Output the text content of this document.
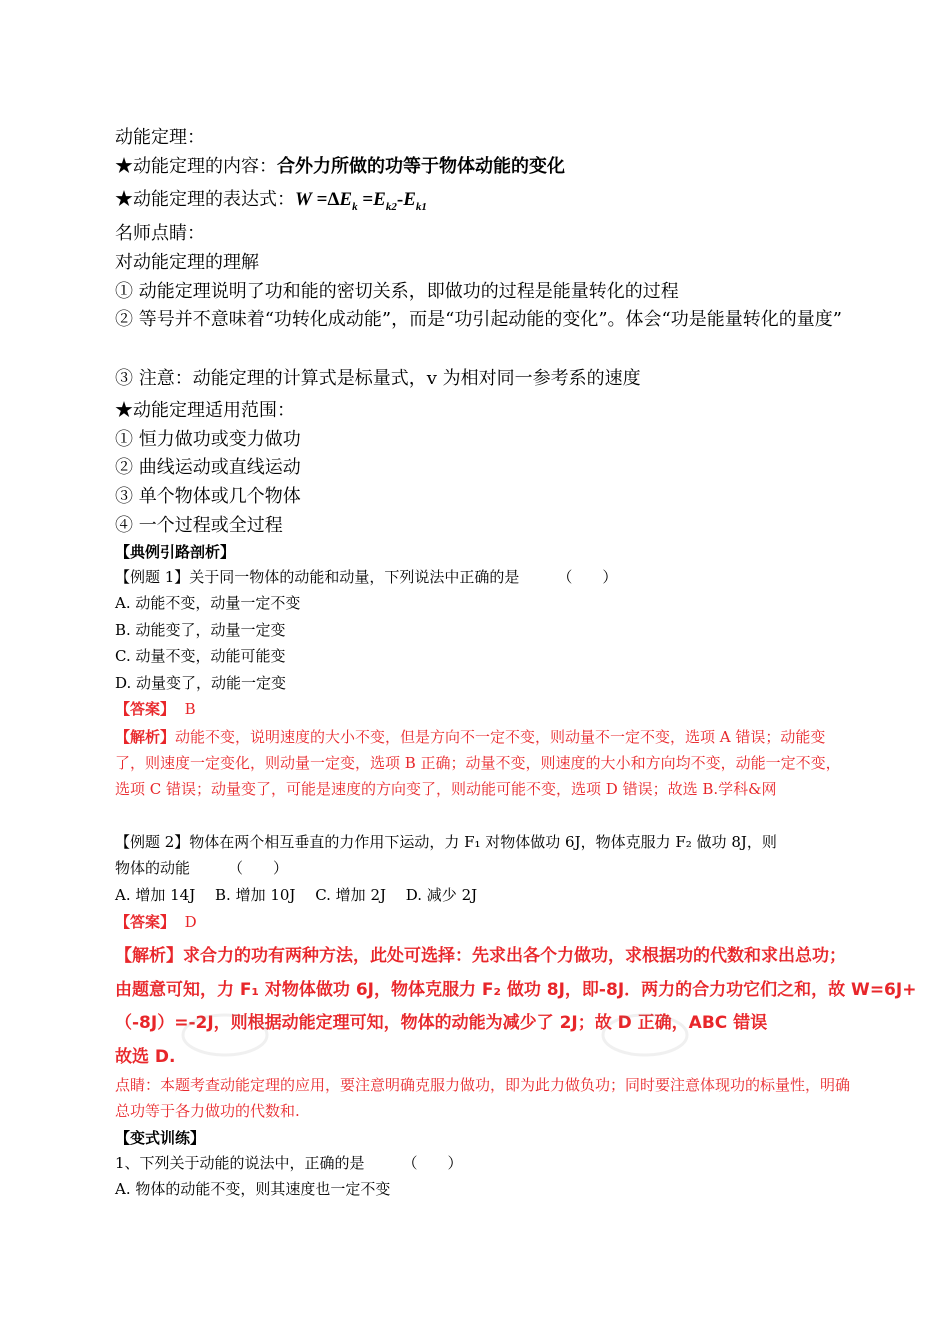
动能定理：
★动能定理的内容：合外力所做的功等于物体动能的变化
★动能定理的表达式：$W =\Delta E_k =E_{k2}-E_{k1}$
名师点睛：
对动能定理的理解
① 动能定理说明了功和能的密切关系，即做功的过程是能量转化的过程
② 等号并不意味着“功转化成动能”，而是“功引起动能的变化”。体会“功是能量转化的量度”
③ 注意：动能定理的计算式是标量式，v 为相对同一参考系的速度
★动能定理适用范围：
① 恒力做功或变力做功
② 曲线运动或直线运动
③ 单个物体或几个物体
④ 一个过程或全过程
【典例引路剖析】
【例题 1】关于同一物体的动能和动量，下列说法中正确的是	（　　）
A. 动能不变，动量一定不变
B. 动能变了，动量一定变
C. 动量不变，动能可能变
D. 动量变了，动能一定变
【答案】 B
【解析】动能不变，说明速度的大小不变，但是方向不一定不变，则动量不一定不变，选项 A 错误；动能变了，则速度一定变化，则动量一定变，选项 B 正确；动量不变，则速度的大小和方向均不变，动能一定不变，选项 C 错误；动量变了，可能是速度的方向变了，则动能可能不变，选项 D 错误；故选 B.学科&网
【例题 2】物体在两个相互垂直的力作用下运动，力 F₁ 对物体做功 6J，物体克服力 F₂ 做功 8J，则
物体的动能	（　　）
A. 增加 14J　 B. 增加 10J　 C. 增加 2J　 D. 减少 2J
【答案】 D
【解析】求合力的功有两种方法，此处可选择：先求出各个力做功，求根据功的代数和求出总功；
由题意可知，力 F₁ 对物体做功 6J，物体克服力 F₂ 做功 8J，即-8J．两力的合力功它们之和，故 W=6J+
（-8J）=-2J，则根据动能定理可知，物体的动能为减少了 2J；故 D 正确，ABC 错误
故选 D.
点睛：本题考查动能定理的应用，要注意明确克服力做功，即为此力做负功；同时要注意体现功的标量性，明确总功等于各力做功的代数和.
【变式训练】
1、下列关于动能的说法中，正确的是	（　　）
A. 物体的动能不变，则其速度也一定不变
